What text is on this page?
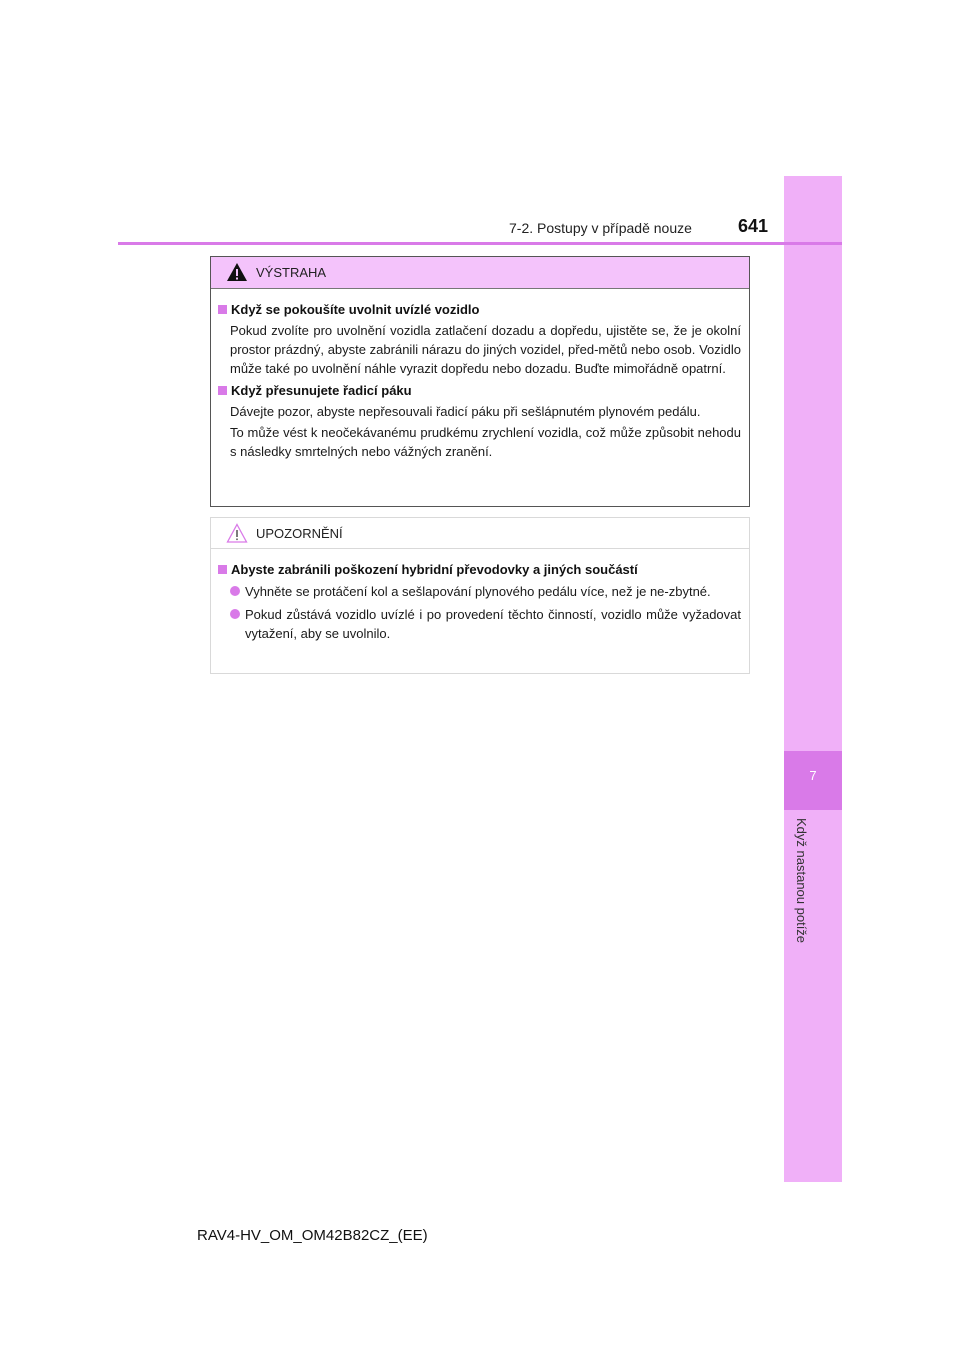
7
Když nastanou potíže
7-2. Postupy v případě nouze	641
VÝSTRAHA
Když se pokoušíte uvolnit uvízlé vozidlo
Pokud zvolíte pro uvolnění vozidla zatlačení dozadu a dopředu, ujistěte se, že je okolní prostor prázdný, abyste zabránili nárazu do jiných vozidel, před-mětů nebo osob. Vozidlo může také po uvolnění náhle vyrazit dopředu nebo dozadu. Buďte mimořádně opatrní.
Když přesunujete řadicí páku
Dávejte pozor, abyste nepřesouvali řadicí páku při sešlápnutém plynovém pedálu.
To může vést k neočekávanému prudkému zrychlení vozidla, což může způsobit nehodu s následky smrtelných nebo vážných zranění.
UPOZORNĚNÍ
Abyste zabránili poškození hybridní převodovky a jiných součástí
Vyhněte se protáčení kol a sešlapování plynového pedálu více, než je ne-zbytné.
Pokud zůstává vozidlo uvízlé i po provedení těchto činností, vozidlo může vyžadovat vytažení, aby se uvolnilo.
RAV4-HV_OM_OM42B82CZ_(EE)
